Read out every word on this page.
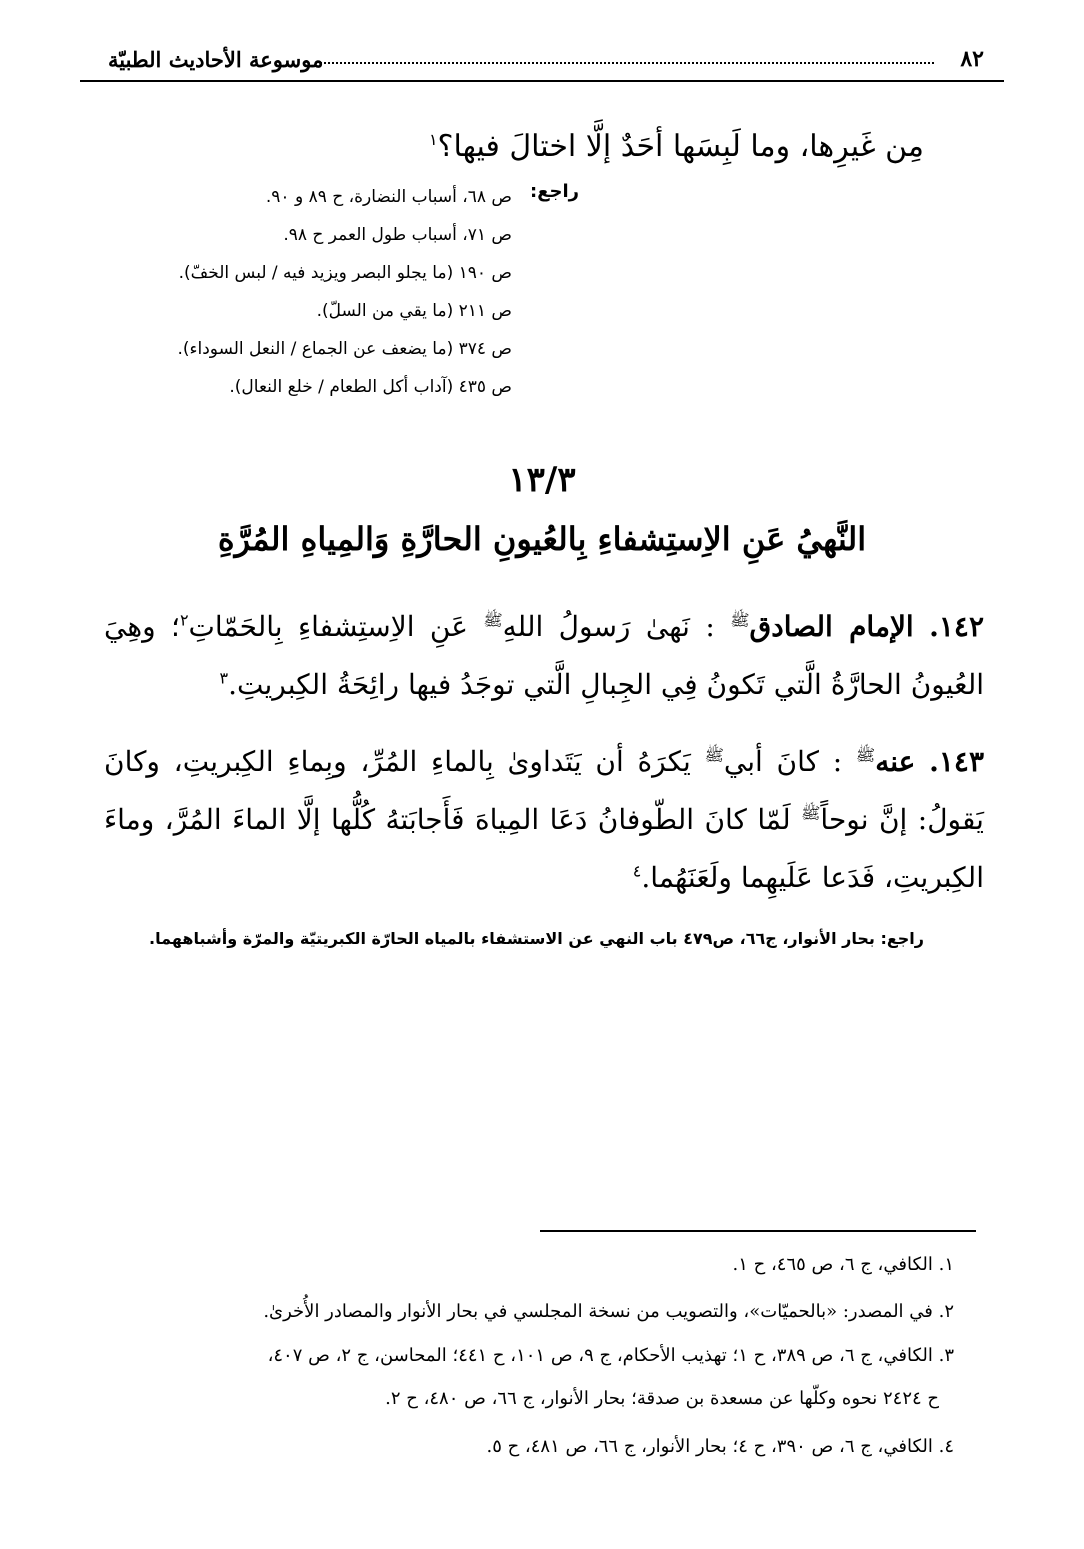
٨٢
موسوعة الأحاديث الطبيّة
مِن غَيرِها، وما لَبِسَها أحَدٌ إلَّا اختالَ فيها؟$^١$
راجع:
ص ٦٨، أسباب النضارة، ح ٨٩ و ٩٠.
ص ٧١، أسباب طول العمر ح ٩٨.
ص ١٩٠ (ما يجلو البصر ويزيد فيه / لبس الخفّ).
ص ٢١١ (ما يقي من السلّ).
ص ٣٧٤ (ما يضعف عن الجماع / النعل السوداء).
ص ٤٣٥ (آداب أكل الطعام / خلع النعال).
١٣/٣
النَّهيُ عَنِ الاِستِشفاءِ بِالعُيونِ الحارَّةِ وَالمِياهِ المُرَّةِ
١٤٢. الإمام الصادق$^ﷺ$ : نَهىٰ رَسولُ اللهِ$^ﷺ$ عَنِ الاِستِشفاءِ بِالحَمّاتِ$^٢$؛ وهِيَ العُيونُ الحارَّةُ الَّتي تَكونُ فِي الجِبالِ الَّتي توجَدُ فيها رائِحَةُ الكِبريتِ.$^٣$
١٤٣. عنه$^ﷺ$ : كانَ أبي$^ﷺ$ يَكرَهُ أن يَتَداوىٰ بِالماءِ المُرِّ، وبِماءِ الكِبريتِ، وكانَ يَقولُ: إنَّ نوحاً$^ﷺ$ لَمّا كانَ الطّوفانُ دَعَا المِياهَ فَأَجابَتهُ كُلُّها إلَّا الماءَ المُرَّ، وماءَ الكِبريتِ، فَدَعا عَلَيهِما ولَعَنَهُما.$^٤$
راجع: بحار الأنوار، ج٦٦، ص٤٧٩ باب النهي عن الاستشفاء بالمياه الحارّة الكبريتيّة والمرّة وأشباههما.
١. الكافي، ج ٦، ص ٤٦٥، ح ١.
٢. في المصدر: «بالحميّات»، والتصويب من نسخة المجلسي في بحار الأنوار والمصادر الأُخرىٰ.
٣. الكافي، ج ٦، ص ٣٨٩، ح ١؛ تهذيب الأحكام، ج ٩، ص ١٠١، ح ٤٤١؛ المحاسن، ج ٢، ص ٤٠٧،
ح ٢٤٢٤ نحوه وكلّها عن مسعدة بن صدقة؛ بحار الأنوار، ج ٦٦، ص ٤٨٠، ح ٢.
٤. الكافي، ج ٦، ص ٣٩٠، ح ٤؛ بحار الأنوار، ج ٦٦، ص ٤٨١، ح ٥.
